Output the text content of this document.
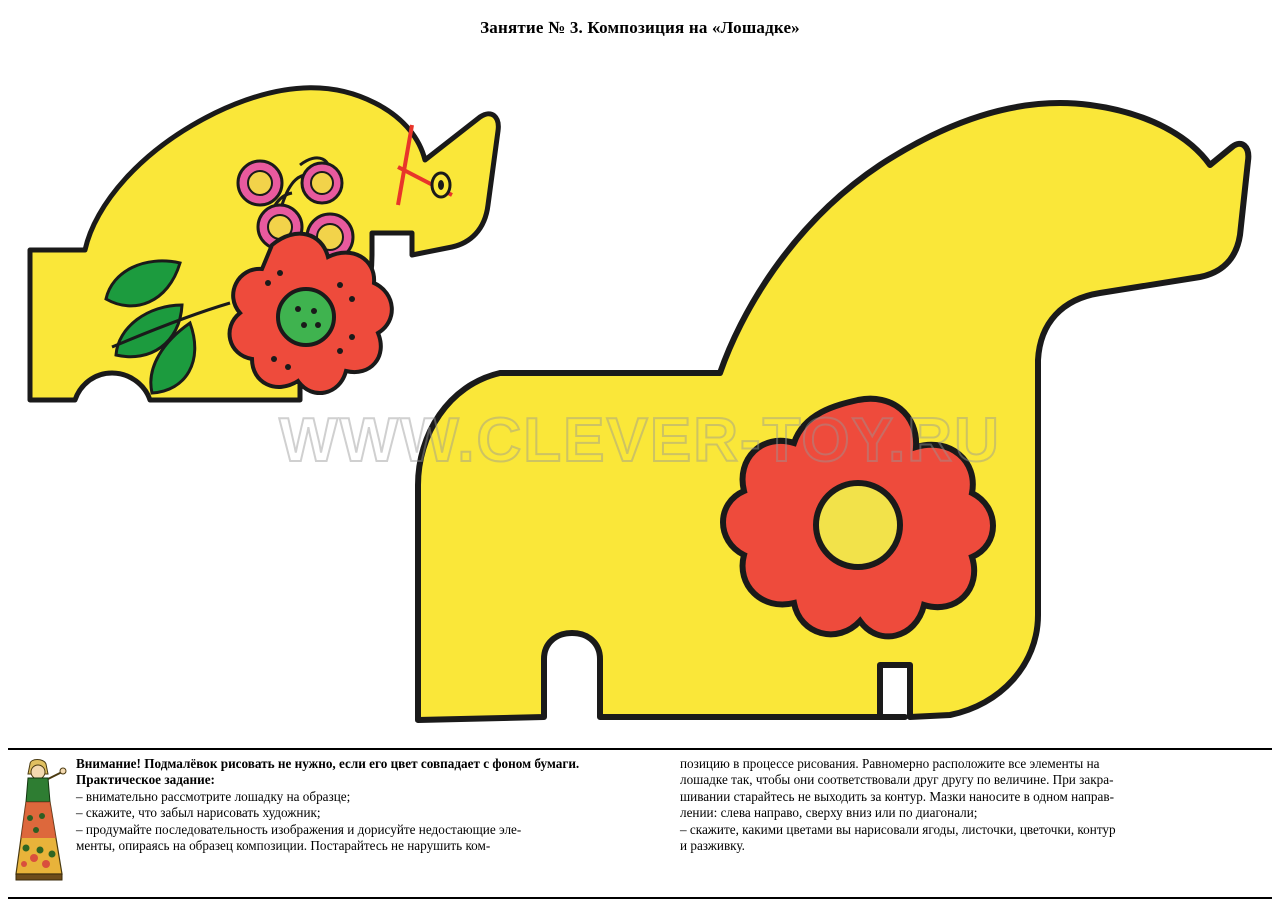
Занятие № 3. Композиция на «Лошадке»
Внимание! Подмалёвок рисовать не нужно, если его цвет совпадает с фоном бумаги.
Практическое задание:
– внимательно рассмотрите лошадку на образце;
– скажите, что забыл нарисовать художник;
– продумайте последовательность изображения и дорисуйте недостающие эле-
менты, опираясь на образец композиции. Постарайтесь не нарушить ком-
позицию в процессе рисования. Равномерно расположите все элементы на
лошадке так, чтобы они соответствовали друг другу по величине. При закра-
шивании старайтесь не выходить за контур. Мазки наносите в одном направ-
лении: слева направо, сверху вниз или по диагонали;
– скажите, какими цветами вы нарисовали ягоды, листочки, цветочки, контур
и разживку.
